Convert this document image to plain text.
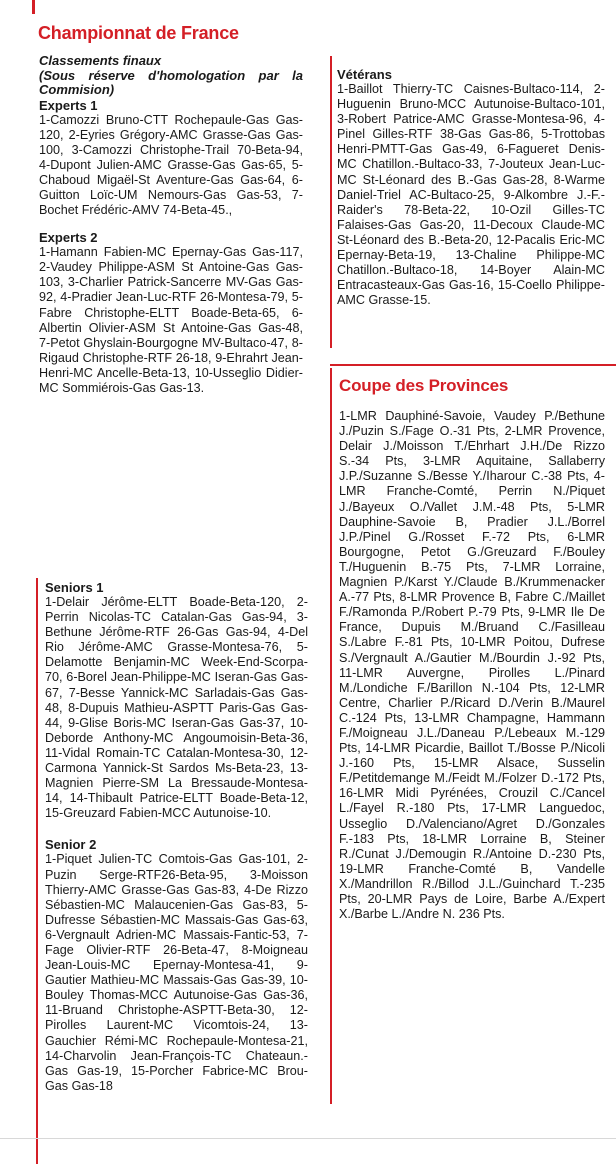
Championnat de France

Classements finaux

(Sous réserve d'homologation par la Commision)

Experts 1

1-Camozzi Bruno-CTT Rochepaule-Gas Gas-120, 2-Eyries Grégory-AMC Grasse-Gas Gas-100, 3-Camozzi Christophe-Trail 70-Beta-94, 4-Dupont Julien-AMC Grasse-Gas Gas-65, 5-Chaboud Migaël-St Aventure-Gas Gas-64, 6-Guitton Loïc-UM Nemours-Gas Gas-53, 7-Bochet Frédéric-AMV 74-Beta-45.,

Experts 2

1-Hamann Fabien-MC Epernay-Gas Gas-117, 2-Vaudey Philippe-ASM St Antoine-Gas Gas-103, 3-Charlier Patrick-Sancerre MV-Gas Gas-92, 4-Pradier Jean-Luc-RTF 26-Montesa-79, 5-Fabre Christophe-ELTT Boade-Beta-65, 6-Albertin Olivier-ASM St Antoine-Gas Gas-48, 7-Petot Ghyslain-Bourgogne MV-Bultaco-47, 8-Rigaud Christophe-RTF 26-18, 9-Ehrahrt Jean-Henri-MC Ancelle-Beta-13, 10-Usseglio Didier-MC Sommiérois-Gas Gas-13.

Vétérans

1-Baillot Thierry-TC Caisnes-Bultaco-114, 2-Huguenin Bruno-MCC Autunoise-Bultaco-101, 3-Robert Patrice-AMC Grasse-Montesa-96, 4-Pinel Gilles-RTF 38-Gas Gas-86, 5-Trottobas Henri-PMTT-Gas Gas-49, 6-Fagueret Denis-MC Chatillon.-Bultaco-33, 7-Jouteux Jean-Luc-MC St-Léonard des B.-Gas Gas-28, 8-Warme Daniel-Triel AC-Bultaco-25, 9-Alkombre J.-F.-Raider's 78-Beta-22, 10-Ozil Gilles-TC Falaises-Gas Gas-20, 11-Decoux Claude-MC St-Léonard des B.-Beta-20, 12-Pacalis Eric-MC Epernay-Beta-19, 13-Chaline Philippe-MC Chatillon.-Bultaco-18, 14-Boyer Alain-MC Entracasteaux-Gas Gas-16, 15-Coello Philippe-AMC Grasse-15.

Coupe des Provinces

1-LMR Dauphiné-Savoie, Vaudey P./Bethune J./Puzin S./Fage O.-31 Pts, 2-LMR Provence, Delair J./Moisson T./Ehrhart J.H./De Rizzo S.-34 Pts, 3-LMR Aquitaine, Sallaberry J.P./Suzanne S./Besse Y./Iharour C.-38 Pts, 4-LMR Franche-Comté, Perrin N./Piquet J./Bayeux O./Vallet J.M.-48 Pts, 5-LMR Dauphine-Savoie B, Pradier J.L./Borrel J.P./Pinel G./Rosset F.-72 Pts, 6-LMR Bourgogne, Petot G./Greuzard F./Bouley T./Huguenin B.-75 Pts, 7-LMR Lorraine, Magnien P./Karst Y./Claude B./Krummenacker A.-77 Pts, 8-LMR Provence B, Fabre C./Maillet F./Ramonda P./Robert P.-79 Pts, 9-LMR Ile De France, Dupuis M./Bruand C./Fasilleau S./Labre F.-81 Pts, 10-LMR Poitou, Dufrese S./Vergnault A./Gautier M./Bourdin J.-92 Pts, 11-LMR Auvergne, Pirolles L./Pinard M./Londiche F./Barillon N.-104 Pts, 12-LMR Centre, Charlier P./Ricard D./Verin B./Maurel C.-124 Pts, 13-LMR Champagne, Hammann F./Moigneau J.L./Daneau P./Lebeaux M.-129 Pts, 14-LMR Picardie, Baillot T./Bosse P./Nicoli J.-160 Pts, 15-LMR Alsace, Susselin F./Petitdemange M./Feidt M./Folzer D.-172 Pts, 16-LMR Midi Pyrénées, Crouzil C./Cancel L./Fayel R.-180 Pts, 17-LMR Languedoc, Usseglio D./Valenciano/Agret D./Gonzales F.-183 Pts, 18-LMR Lorraine B, Steiner R./Cunat J./Demougin R./Antoine D.-230 Pts, 19-LMR Franche-Comté B, Vandelle X./Mandrillon R./Billod J.L./Guinchard T.-235 Pts, 20-LMR Pays de Loire, Barbe A./Expert X./Barbe L./Andre N. 236 Pts.

Seniors 1

1-Delair Jérôme-ELTT Boade-Beta-120, 2-Perrin Nicolas-TC Catalan-Gas Gas-94, 3-Bethune Jérôme-RTF 26-Gas Gas-94, 4-Del Rio Jérôme-AMC Grasse-Montesa-76, 5-Delamotte Benjamin-MC Week-End-Scorpa-70, 6-Borel Jean-Philippe-MC Iseran-Gas Gas-67, 7-Besse Yannick-MC Sarladais-Gas Gas-48, 8-Dupuis Mathieu-ASPTT Paris-Gas Gas-44, 9-Glise Boris-MC Iseran-Gas Gas-37, 10-Deborde Anthony-MC Angoumoisin-Beta-36, 11-Vidal Romain-TC Catalan-Montesa-30, 12-Carmona Yannick-St Sardos Ms-Beta-23, 13-Magnien Pierre-SM La Bressaude-Montesa-14, 14-Thibault Patrice-ELTT Boade-Beta-12, 15-Greuzard Fabien-MCC Autunoise-10.

Senior 2

1-Piquet Julien-TC Comtois-Gas Gas-101, 2-Puzin Serge-RTF26-Beta-95, 3-Moisson Thierry-AMC Grasse-Gas Gas-83, 4-De Rizzo Sébastien-MC Malaucenien-Gas Gas-83, 5-Dufresse Sébastien-MC Massais-Gas Gas-63, 6-Vergnault Adrien-MC Massais-Fantic-53, 7-Fage Olivier-RTF 26-Beta-47, 8-Moigneau Jean-Louis-MC Epernay-Montesa-41, 9-Gautier Mathieu-MC Massais-Gas Gas-39, 10-Bouley Thomas-MCC Autunoise-Gas Gas-36, 11-Bruand Christophe-ASPTT-Beta-30, 12-Pirolles Laurent-MC Vicomtois-24, 13-Gauchier Rémi-MC Rochepaule-Montesa-21, 14-Charvolin Jean-François-TC Chateaun.-Gas Gas-19, 15-Porcher Fabrice-MC Brou-Gas Gas-18
